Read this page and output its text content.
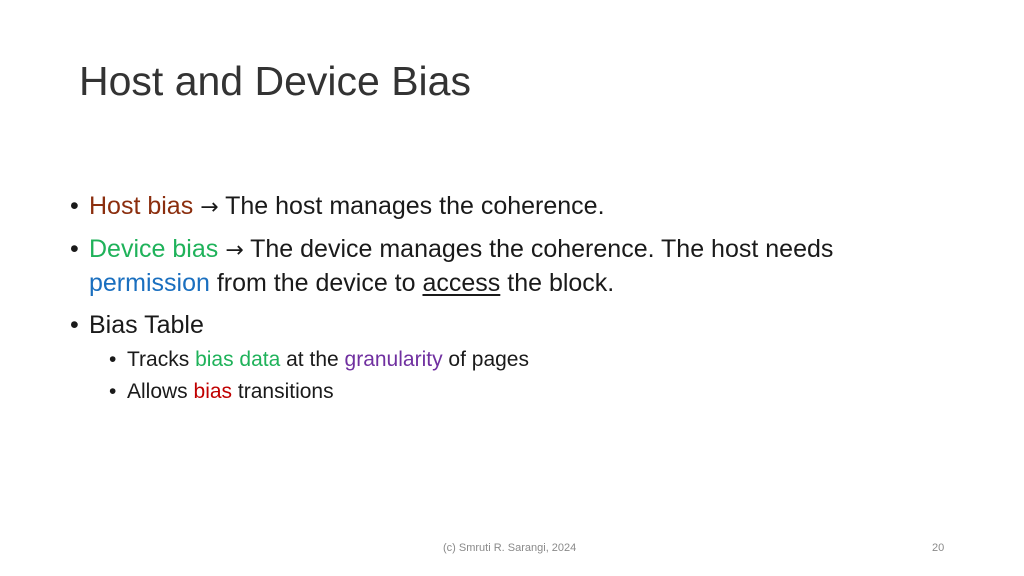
Host and Device Bias
• Host bias → The host manages the coherence.
• Device bias → The device manages the coherence. The host needs permission from the device to access the block.
• Bias Table
• Tracks bias data at the granularity of pages
• Allows bias transitions
(c) Smruti R. Sarangi, 2024	20
